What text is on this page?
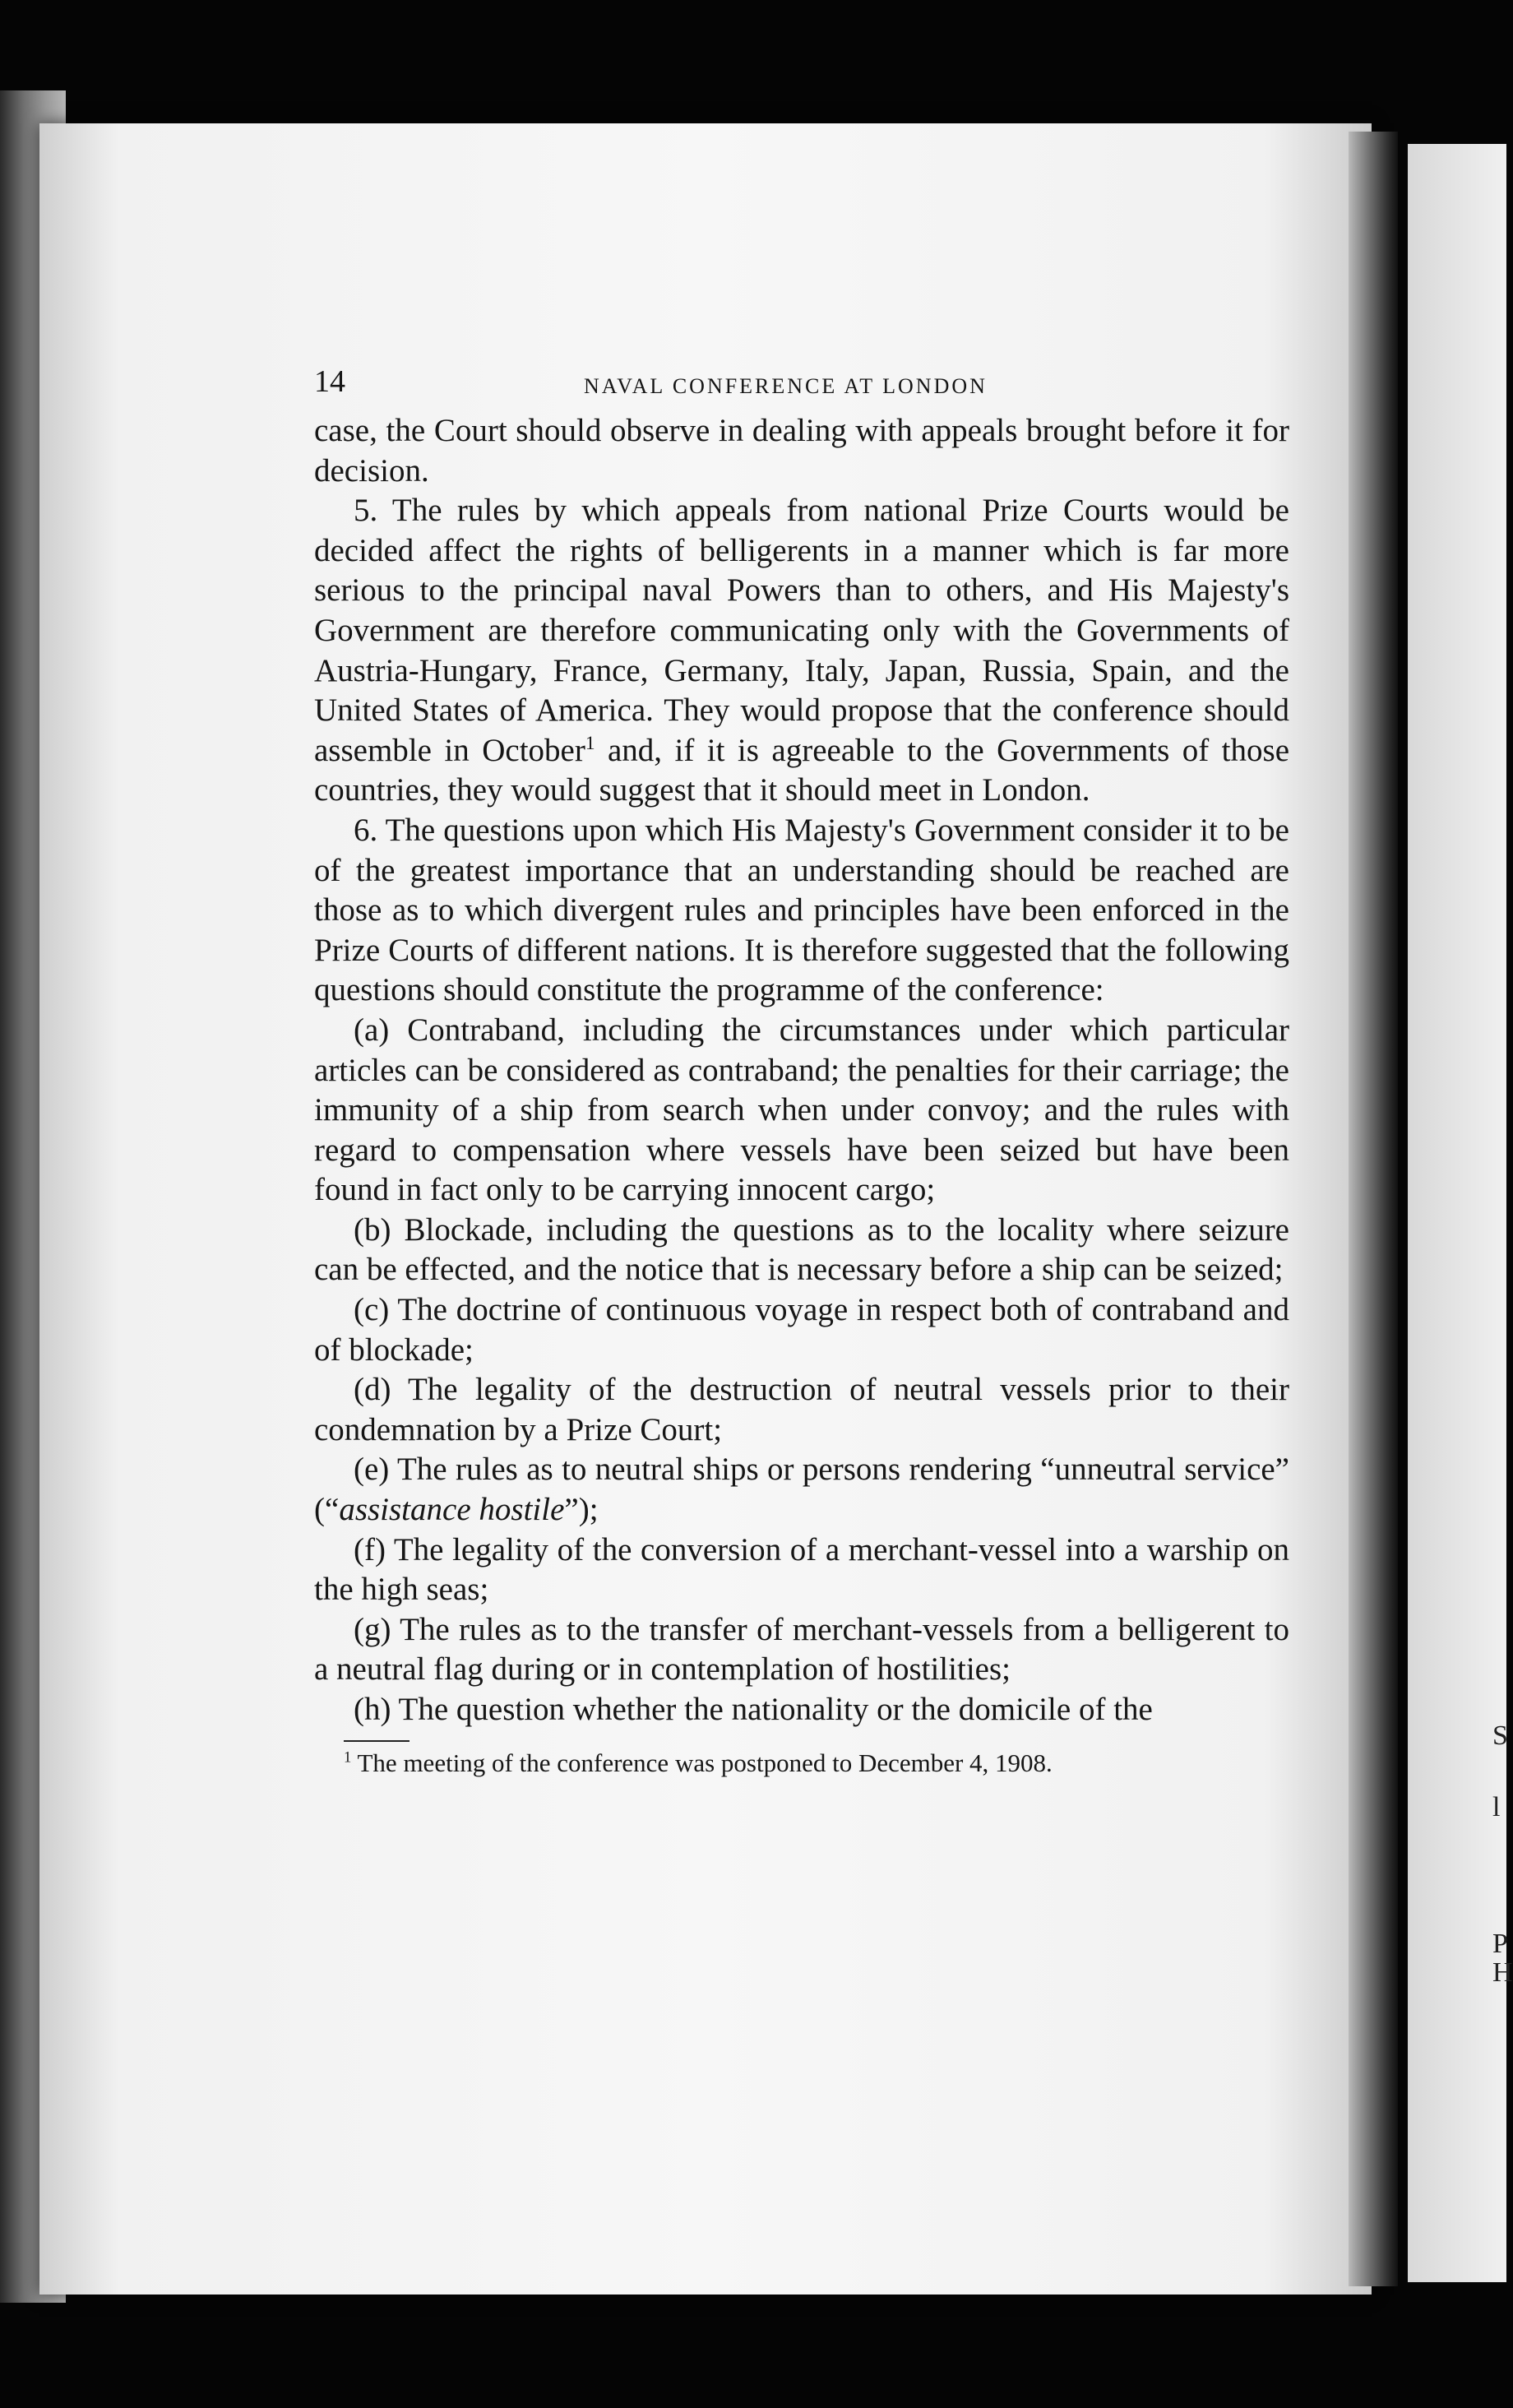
S
l
P
H
14	NAVAL CONFERENCE AT LONDON

case, the Court should observe in dealing with appeals brought before it for decision.

5. The rules by which appeals from national Prize Courts would be decided affect the rights of belligerents in a manner which is far more serious to the principal naval Powers than to others, and His Majesty's Government are therefore communicating only with the Governments of Austria-Hungary, France, Germany, Italy, Japan, Russia, Spain, and the United States of America. They would propose that the conference should assemble in October$^1$ and, if it is agreeable to the Governments of those countries, they would suggest that it should meet in London.

6. The questions upon which His Majesty's Government consider it to be of the greatest importance that an understanding should be reached are those as to which divergent rules and principles have been enforced in the Prize Courts of different nations. It is therefore suggested that the following questions should constitute the programme of the conference:

(a) Contraband, including the circumstances under which particular articles can be considered as contraband; the penalties for their carriage; the immunity of a ship from search when under convoy; and the rules with regard to compensation where vessels have been seized but have been found in fact only to be carrying innocent cargo;

(b) Blockade, including the questions as to the locality where seizure can be effected, and the notice that is necessary before a ship can be seized;

(c) The doctrine of continuous voyage in respect both of contraband and of blockade;

(d) The legality of the destruction of neutral vessels prior to their condemnation by a Prize Court;

(e) The rules as to neutral ships or persons rendering “unneutral service” (“assistance hostile”);

(f) The legality of the conversion of a merchant-vessel into a warship on the high seas;

(g) The rules as to the transfer of merchant-vessels from a belligerent to a neutral flag during or in contemplation of hostilities;

(h) The question whether the nationality or the domicile of the

$^1$ The meeting of the conference was postponed to December 4, 1908.
